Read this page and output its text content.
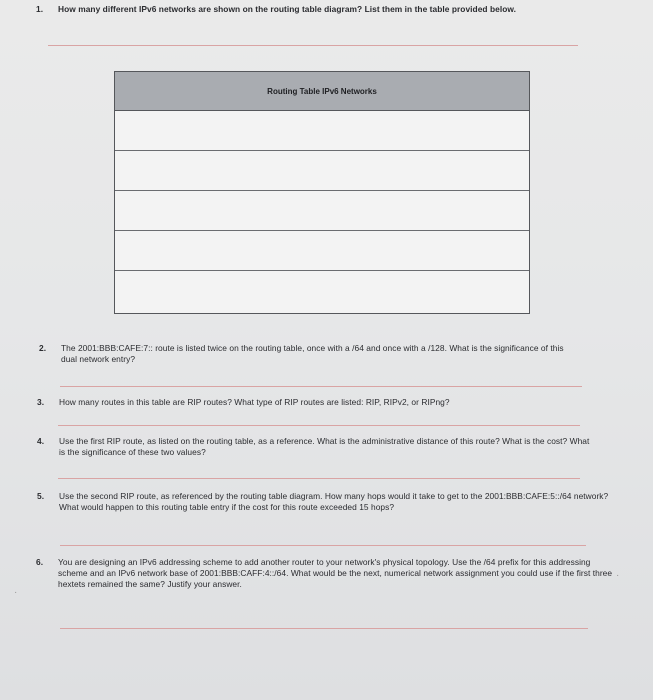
1. How many different IPv6 networks are shown on the routing table diagram? List them in the table provided below.
Routing Table IPv6 Networks
2. The 2001:BBB:CAFE:7:: route is listed twice on the routing table, once with a /64 and once with a /128. What is the significance of this dual network entry?
3. How many routes in this table are RIP routes? What type of RIP routes are listed: RIP, RIPv2, or RIPng?
4. Use the first RIP route, as listed on the routing table, as a reference. What is the administrative distance of this route? What is the cost? What is the significance of these two values?
5. Use the second RIP route, as referenced by the routing table diagram. How many hops would it take to get to the 2001:BBB:CAFE:5::/64 network? What would happen to this routing table entry if the cost for this route exceeded 15 hops?
6. You are designing an IPv6 addressing scheme to add another router to your network's physical topology. Use the /64 prefix for this addressing scheme and an IPv6 network base of 2001:BBB:CAFF:4::/64. What would be the next, numerical network assignment you could use if the first three hextets remained the same? Justify your answer.
·
·
